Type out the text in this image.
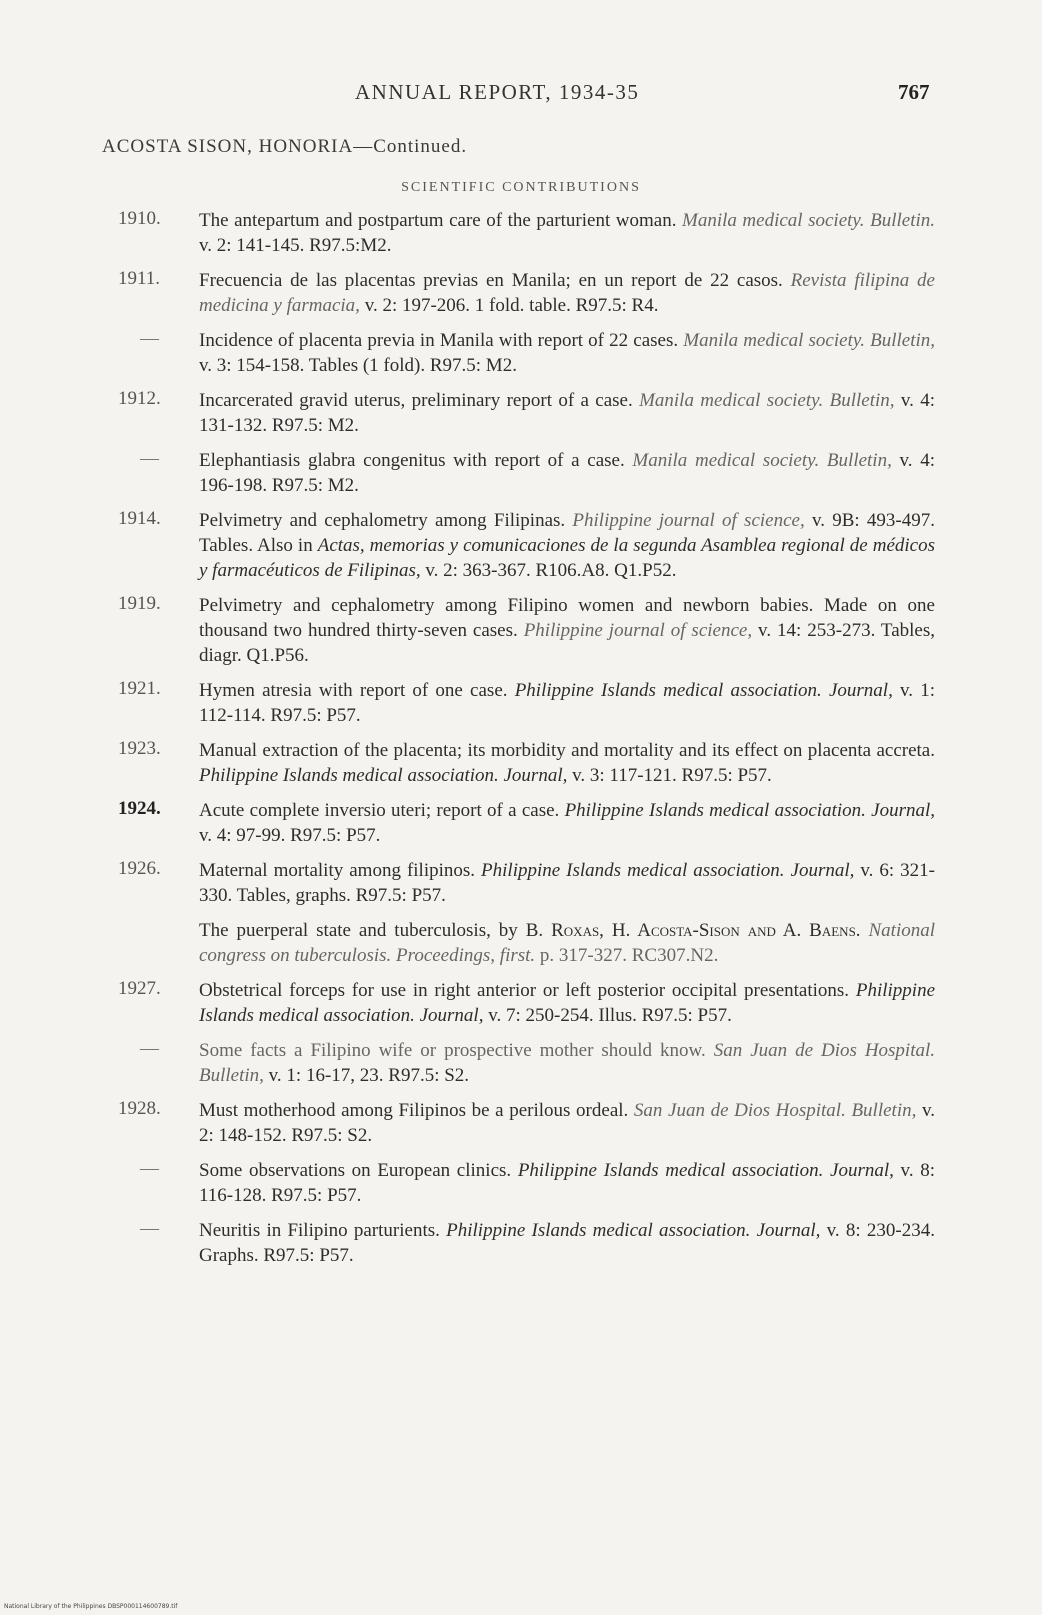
ANNUAL REPORT, 1934-35	767
ACOSTA SISON, HONORIA—Continued.
SCIENTIFIC CONTRIBUTIONS
1910. The antepartum and postpartum care of the parturient woman. Manila medical society. Bulletin. v. 2: 141-145. R97.5:M2.
1911. Frecuencia de las placentas previas en Manila; en un report de 22 casos. Revista filipina de medicina y farmacia, v. 2: 197-206. 1 fold. table. R97.5: R4.
— Incidence of placenta previa in Manila with report of 22 cases. Manila medical society. Bulletin, v. 3: 154-158. Tables (1 fold). R97.5: M2.
1912. Incarcerated gravid uterus, preliminary report of a case. Manila medical society. Bulletin, v. 4: 131-132. R97.5: M2.
— Elephantiasis glabra congenitus with report of a case. Manila medical society. Bulletin, v. 4: 196-198. R97.5: M2.
1914. Pelvimetry and cephalometry among Filipinas. Philippine journal of science, v. 9B: 493-497. Tables. Also in Actas, memorias y comunicaciones de la segunda Asamblea regional de médicos y farmacéuticos de Filipinas, v. 2: 363-367. R106.A8. Q1.P52.
1919. Pelvimetry and cephalometry among Filipino women and newborn babies. Made on one thousand two hundred thirty-seven cases. Philippine journal of science, v. 14: 253-273. Tables, diagr. Q1.P56.
1921. Hymen atresia with report of one case. Philippine Islands medical association. Journal, v. 1: 112-114. R97.5: P57.
1923. Manual extraction of the placenta; its morbidity and mortality and its effect on placenta accreta. Philippine Islands medical association. Journal, v. 3: 117-121. R97.5: P57.
1924. Acute complete inversio uteri; report of a case. Philippine Islands medical association. Journal, v. 4: 97-99. R97.5: P57.
1926. Maternal mortality among filipinos. Philippine Islands medical association. Journal, v. 6: 321-330. Tables, graphs. R97.5: P57.
The puerperal state and tuberculosis, by B. Roxas, H. Acosta-Sison and A. Baens. National congress on tuberculosis. Proceedings, first. p. 317-327. RC307.N2.
1927. Obstetrical forceps for use in right anterior or left posterior occipital presentations. Philippine Islands medical association. Journal, v. 7: 250-254. Illus. R97.5: P57.
— Some facts a Filipino wife or prospective mother should know. San Juan de Dios Hospital. Bulletin, v. 1: 16-17, 23. R97.5: S2.
1928. Must motherhood among Filipinos be a perilous ordeal. San Juan de Dios Hospital. Bulletin, v. 2: 148-152. R97.5: S2.
— Some observations on European clinics. Philippine Islands medical association. Journal, v. 8: 116-128. R97.5: P57.
— Neuritis in Filipino parturients. Philippine Islands medical association. Journal, v. 8: 230-234. Graphs. R97.5: P57.
National Library of the Philippines DBSP000114600789.tif
